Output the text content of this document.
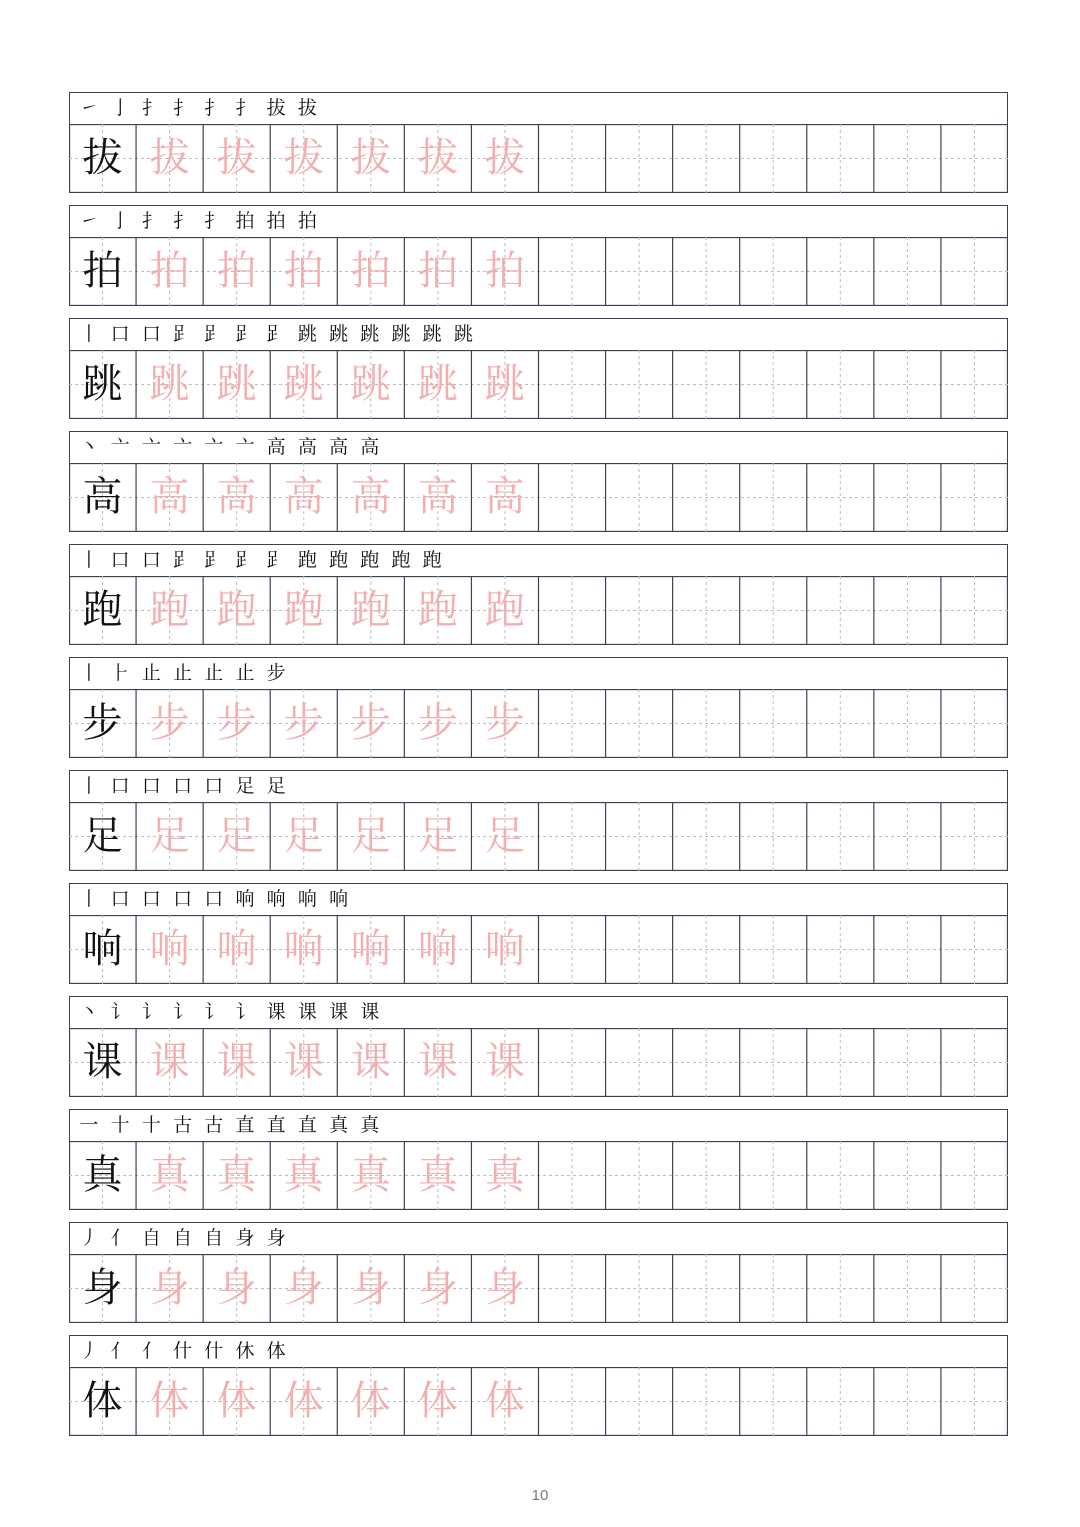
㇀ 亅 扌 扌 扌 扌 拔 拔
拔 拔 拔 拔 拔 拔 拔
㇀ 亅 扌 扌 扌 拍 拍 拍
拍 拍 拍 拍 拍 拍 拍
丨 口 口 𧾷 𧾷 𧾷 𧾷 跳 跳 跳 跳 跳 跳
跳 跳 跳 跳 跳 跳 跳
丶 亠 亠 亠 亠 亠 高 高 高 高
高 高 高 高 高 高 高
丨 口 口 𧾷 𧾷 𧾷 𧾷 跑 跑 跑 跑 跑
跑 跑 跑 跑 跑 跑 跑
丨 ⺊ 止 止 止 止 步
步 步 步 步 步 步 步
丨 口 口 口 口 足 足
足 足 足 足 足 足 足
丨 口 口 口 口 响 响 响 响
响 响 响 响 响 响 响
丶 讠 讠 讠 讠 讠 课 课 课 课
课 课 课 课 课 课 课
一 十 十 古 古 直 直 直 真 真
真 真 真 真 真 真 真
丿 亻 自 自 自 身 身
身 身 身 身 身 身 身
丿 亻 亻 什 什 休 体
体 体 体 体 体 体 体
10
